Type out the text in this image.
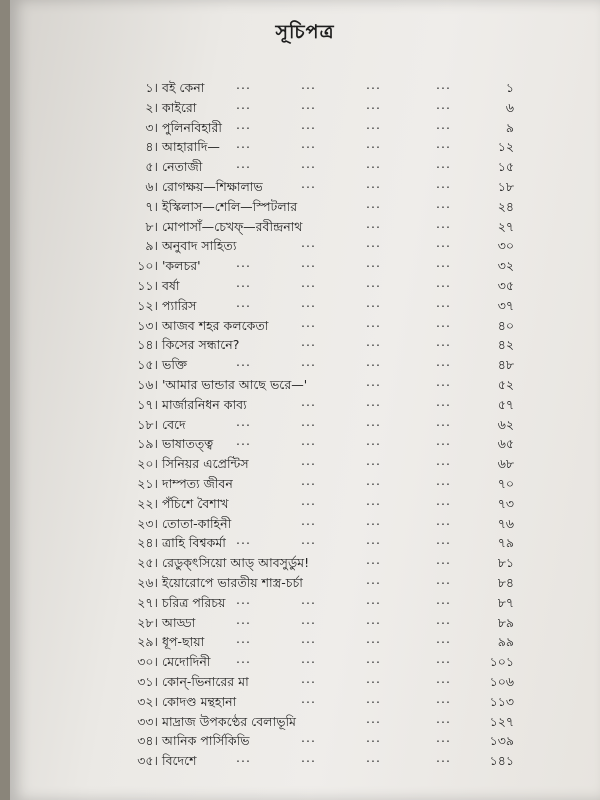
সূচিপত্র
১। বই কেনা	...	...	...	...	১
২। কাইরো	...	...	...	...	৬
৩। পুলিনবিহারী ...	...	...	...	৯
৪। আহারাদি— ...	...	...	...	১২
৫। নেতাজী	...	...	...	...	১৫
৬। রোগক্ষয়—শিক্ষালাভ	...	...	...	১৮
৭। ইস্কিলাস—শেলি—স্পিটলার	...	...	২৪
৮। মোপাসাঁ—চেখফ্—রবীন্দ্রনাথ	...	...	২৭
৯। অনুবাদ সাহিত্য	...	...	...	৩০
১০। 'কলচর'	...	...	...	...	৩২
১১। বর্ষা	...	...	...	...	৩৫
১২। প্যারিস	...	...	...	...	৩৭
১৩। আজব শহর কলকেতা	...	...	...	৪০
১৪। কিসের সন্ধানে?	...	...	...	৪২
১৫। ভক্তি	...	...	...	...	৪৮
১৬। 'আমার ভান্ডার আছে ভরে—'	...	...	৫২
১৭। মার্জারনিধন কাব্য	...	...	...	৫৭
১৮। বেদে	...	...	...	...	৬২
১৯। ভাষাতত্ত্ব ...	...	...	...	৬৫
২০। সিনিয়র এপ্রেন্টিস	...	...	...	৬৮
২১। দাম্পত্য জীবন	...	...	...	৭০
২২। পঁচিশে বৈশাখ	...	...	...	৭৩
২৩। তোতা-কাহিনী	...	...	...	৭৬
২৪। ত্রাহি বিশ্বকর্মা ...	...	...	...	৭৯
২৫। রেডুক্‌ৎসিয়ো আড্ আবসুর্ডুম!	...	...	৮১
২৬। ইয়োরোপে ভারতীয় শাস্ত্র-চর্চা	...	...	৮৪
২৭। চরিত্র পরিচয় ...	...	...	...	৮৭
২৮। আড্ডা	...	...	...	...	৮৯
২৯। ধূপ-ছায়া	...	...	...	...	৯৯
৩০। মেদোদিনী ...	...	...	...	১০১
৩১। কোন্-ভিনারের মা	...	...	...	১০৬
৩২। কোদণ্ড মন্থহানা	...	...	...	১১৩
৩৩। মাদ্রাজ উপকণ্ঠের বেলাভূমি	...	...	১২৭
৩৪। আনিক পার্সিকিভি	...	...	...	১৩৯
৩৫। বিদেশে	...	...	...	...	১৪১
